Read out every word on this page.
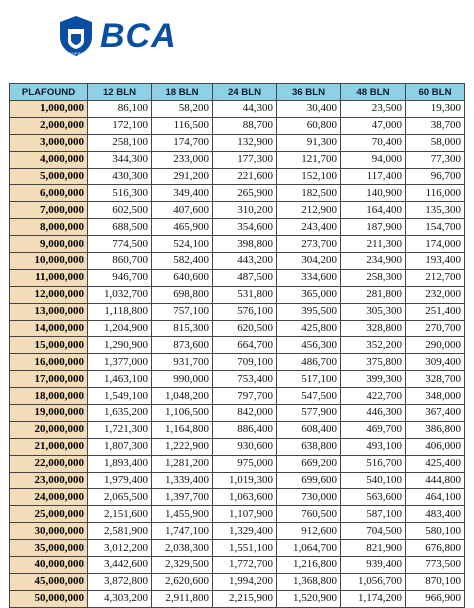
GRUP BCA BCA
PLAFOUND	12 BLN	18 BLN	24 BLN	36 BLN	48 BLN	60 BLN
1,000,000	86,100	58,200	44,300	30,400	23,500	19,300
2,000,000	172,100	116,500	88,700	60,800	47,000	38,700
3,000,000	258,100	174,700	132,900	91,300	70,400	58,000
4,000,000	344,300	233,000	177,300	121,700	94,000	77,300
5,000,000	430,300	291,200	221,600	152,100	117,400	96,700
6,000,000	516,300	349,400	265,900	182,500	140,900	116,000
7,000,000	602,500	407,600	310,200	212,900	164,400	135,300
8,000,000	688,500	465,900	354,600	243,400	187,900	154,700
9,000,000	774,500	524,100	398,800	273,700	211,300	174,000
10,000,000	860,700	582,400	443,200	304,200	234,900	193,400
11,000,000	946,700	640,600	487,500	334,600	258,300	212,700
12,000,000	1,032,700	698,800	531,800	365,000	281,800	232,000
13,000,000	1,118,800	757,100	576,100	395,500	305,300	251,400
14,000,000	1,204,900	815,300	620,500	425,800	328,800	270,700
15,000,000	1,290,900	873,600	664,700	456,300	352,200	290,000
16,000,000	1,377,000	931,700	709,100	486,700	375,800	309,400
17,000,000	1,463,100	990,000	753,400	517,100	399,300	328,700
18,000,000	1,549,100	1,048,200	797,700	547,500	422,700	348,000
19,000,000	1,635,200	1,106,500	842,000	577,900	446,300	367,400
20,000,000	1,721,300	1,164,800	886,400	608,400	469,700	386,800
21,000,000	1,807,300	1,222,900	930,600	638,800	493,100	406,000
22,000,000	1,893,400	1,281,200	975,000	669,200	516,700	425,400
23,000,000	1,979,400	1,339,400	1,019,300	699,600	540,100	444,800
24,000,000	2,065,500	1,397,700	1,063,600	730,000	563,600	464,100
25,000,000	2,151,600	1,455,900	1,107,900	760,500	587,100	483,400
30,000,000	2,581,900	1,747,100	1,329,400	912,600	704,500	580,100
35,000,000	3,012,200	2,038,300	1,551,100	1,064,700	821,900	676,800
40,000,000	3,442,600	2,329,500	1,772,700	1,216,800	939,400	773,500
45,000,000	3,872,800	2,620,600	1,994,200	1,368,800	1,056,700	870,100
50,000,000	4,303,200	2,911,800	2,215,900	1,520,900	1,174,200	966,900
